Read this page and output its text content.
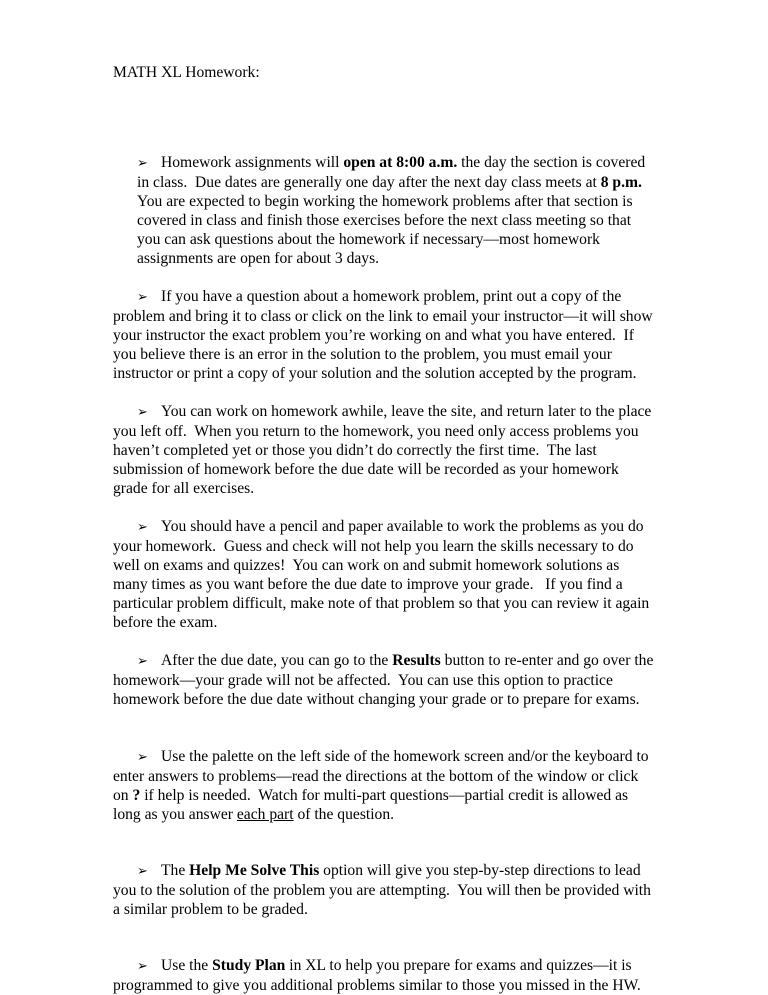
MATH XL Homework:

➢ Homework assignments will open at 8:00 a.m. the day the section is covered in class.  Due dates are generally one day after the next day class meets at 8 p.m.   You are expected to begin working the homework problems after that section is covered in class and finish those exercises before the next class meeting so that you can ask questions about the homework if necessary—most homework assignments are open for about 3 days.

➢ If you have a question about a homework problem, print out a copy of the problem and bring it to class or click on the link to email your instructor—it will show your instructor the exact problem you’re working on and what you have entered.  If you believe there is an error in the solution to the problem, you must email your instructor or print a copy of your solution and the solution accepted by the program.

➢ You can work on homework awhile, leave the site, and return later to the place you left off.  When you return to the homework, you need only access problems you haven’t completed yet or those you didn’t do correctly the first time.  The last submission of homework before the due date will be recorded as your homework grade for all exercises.

➢ You should have a pencil and paper available to work the problems as you do your homework.  Guess and check will not help you learn the skills necessary to do well on exams and quizzes!  You can work on and submit homework solutions as many times as you want before the due date to improve your grade.   If you find a particular problem difficult, make note of that problem so that you can review it again before the exam.

➢ After the due date, you can go to the Results button to re-enter and go over the homework—your grade will not be affected.  You can use this option to practice homework before the due date without changing your grade or to prepare for exams.

➢ Use the palette on the left side of the homework screen and/or the keyboard to enter answers to problems—read the directions at the bottom of the window or click on ? if help is needed.  Watch for multi-part questions—partial credit is allowed as long as you answer each part of the question.

➢ The Help Me Solve This option will give you step-by-step directions to lead you to the solution of the problem you are attempting.  You will then be provided with a similar problem to be graded.

➢ Use the Study Plan in XL to help you prepare for exams and quizzes—it is programmed to give you additional problems similar to those you missed in the HW.
